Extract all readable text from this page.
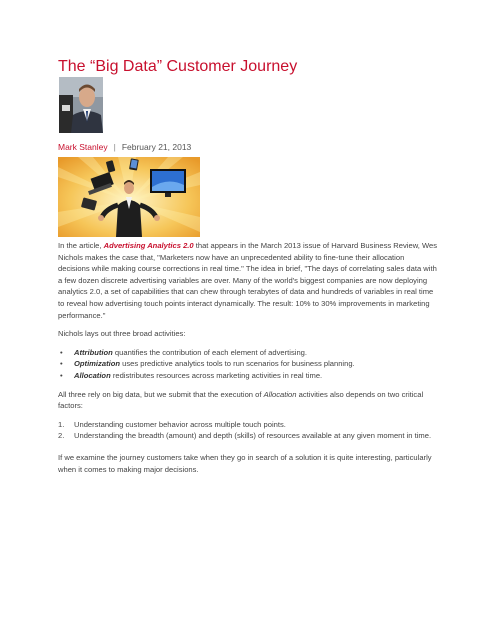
The “Big Data” Customer Journey
Mark Stanley | February 21, 2013

In the article, Advertising Analytics 2.0 that appears in the March 2013 issue of Harvard Business Review, Wes Nichols makes the case that, "Marketers now have an unprecedented ability to fine-tune their allocation decisions while making course corrections in real time." The idea in brief, "The days of correlating sales data with a few dozen discrete advertising variables are over. Many of the world's biggest companies are now deploying analytics 2.0, a set of capabilities that can chew through terabytes of data and hundreds of variables in real time to reveal how advertising touch points interact dynamically. The result: 10% to 30% improvements in marketing performance."

Nichols lays out three broad activities:

• Attribution quantifies the contribution of each element of advertising.
• Optimization uses predictive analytics tools to run scenarios for business planning.
• Allocation redistributes resources across marketing activities in real time.

All three rely on big data, but we submit that the execution of Allocation activities also depends on two critical factors:

1. Understanding customer behavior across multiple touch points.
2. Understanding the breadth (amount) and depth (skills) of resources available at any given moment in time.

If we examine the journey customers take when they go in search of a solution it is quite interesting, particularly when it comes to making major decisions.
